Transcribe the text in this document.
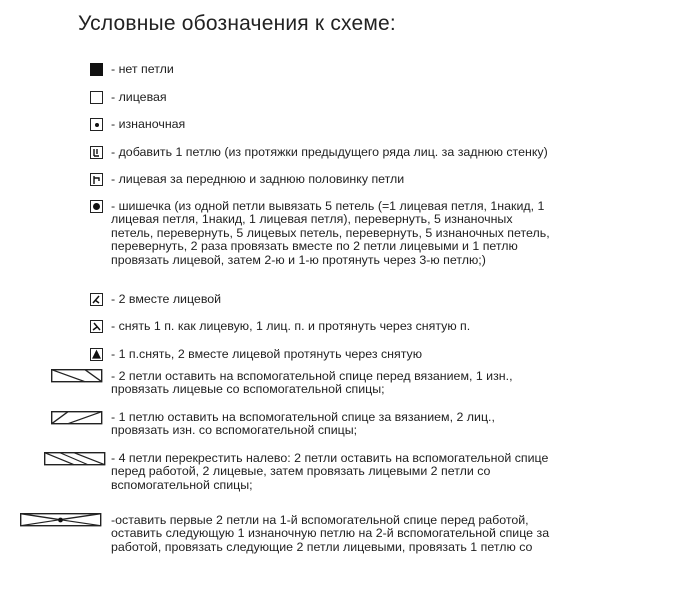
Условные обозначения к схеме:
- нет петли
- лицевая
- изнаночная
- добавить 1 петлю (из протяжки предыдущего ряда лиц. за заднюю стенку)
- лицевая за переднюю и заднюю половинку петли
- шишечка (из одной петли вывязать 5 петель (=1 лицевая петля, 1накид, 1
лицевая петля, 1накид, 1 лицевая петля), перевернуть, 5 изнаночных
петель, перевернуть, 5 лицевых петель, перевернуть, 5 изнаночных петель,
перевернуть, 2 раза провязать вместе по 2 петли лицевыми и 1 петлю
провязать лицевой, затем 2-ю и 1-ю протянуть через 3-ю петлю;)
- 2 вместе лицевой
- снять 1 п. как лицевую, 1 лиц. п. и протянуть через снятую п.
- 1 п.снять, 2 вместе лицевой протянуть через снятую
- 2 петли оставить на вспомогательной спице перед вязанием, 1 изн.,
провязать лицевые со вспомогательной спицы;
- 1 петлю оставить на вспомогательной спице за вязанием, 2 лиц.,
провязать изн. со вспомогательной спицы;
- 4 петли перекрестить налево: 2 петли оставить на вспомогательной спице
перед работой, 2 лицевые, затем провязать лицевыми 2 петли со
вспомогательной спицы;
-оставить первые 2 петли на 1-й вспомогательной спице перед работой,
оставить следующую 1 изнаночную петлю на 2-й вспомогательной спице за
работой, провязать следующие 2 петли лицевыми, провязать 1 петлю со
